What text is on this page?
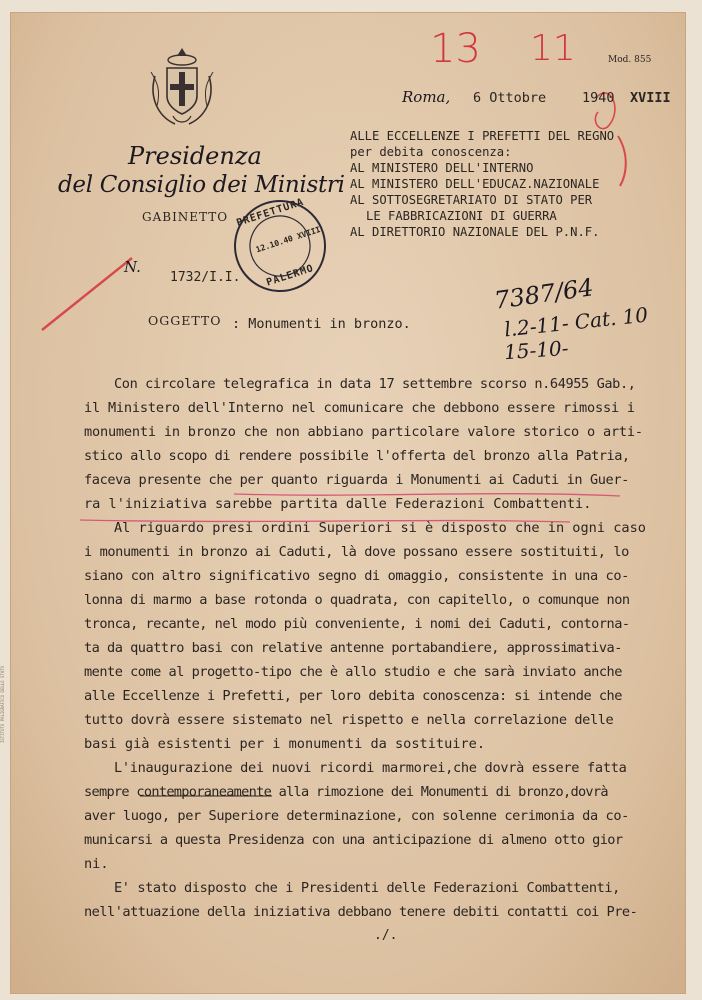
Mod. 855
13 11
Presidenza
del Consiglio dei Ministri
GABINETTO
Roma, 6 Ottobre	1940 XVIII
ALLE ECCELLENZE I PREFETTI DEL REGNO
per debita conoscenza:
AL MINISTERO DELL'INTERNO
AL MINISTERO DELL'EDUCAZ.NAZIONALE
AL SOTTOSEGRETARIATO DI STATO PER
LE FABBRICAZIONI DI GUERRA
AL DIRETTORIO NAZIONALE DEL P.N.F.
PREFETTURA
12.10.40 XVIII
PALERMO
N.
1732/I.I.	7387/64
l.2-11- Cat. 10
15-10-
OGGETTO : Monumenti in bronzo.
Con circolare telegrafica in data 17 settembre scorso n.64955 Gab.,
il Ministero dell'Interno nel comunicare che debbono essere rimossi i
monumenti in bronzo che non abbiano particolare valore storico o arti-
stico allo scopo di rendere possibile l'offerta del bronzo alla Patria,
faceva presente che per quanto riguarda i Monumenti ai Caduti in Guer-
ra l'iniziativa sarebbe partita dalle Federazioni Combattenti.
Al riguardo presi ordini Superiori si è disposto che in ogni caso
i monumenti in bronzo ai Caduti, là dove possano essere sostituiti, lo
siano con altro significativo segno di omaggio, consistente in una co-
lonna di marmo a base rotonda o quadrata, con capitello, o comunque non
tronca, recante, nel modo più conveniente, i nomi dei Caduti, contorna-
ta da quattro basi con relative antenne portabandiere, approssimativa-
mente come al progetto-tipo che è allo studio e che sarà inviato anche
alle Eccellenze i Prefetti, per loro debita conoscenza: si intende che
tutto dovrà essere sistemato nel rispetto e nella correlazione delle
basi già esistenti per i monumenti da sostituire.
L'inaugurazione dei nuovi ricordi marmorei,che dovrà essere fatta
sempre contemporaneamente alla rimozione dei Monumenti di bronzo,dovrà
aver luogo, per Superiore determinazione, con solenne cerimonia da co-
municarsi a questa Presidenza con una anticipazione di almeno otto gior
ni.
E' stato disposto che i Presidenti delle Federazioni Combattenti,
nell'attuazione della iniziativa debbano tenere debiti contatti coi Pre-
./.
ISTITUTO POLIGRAFICO DELLO STATO
